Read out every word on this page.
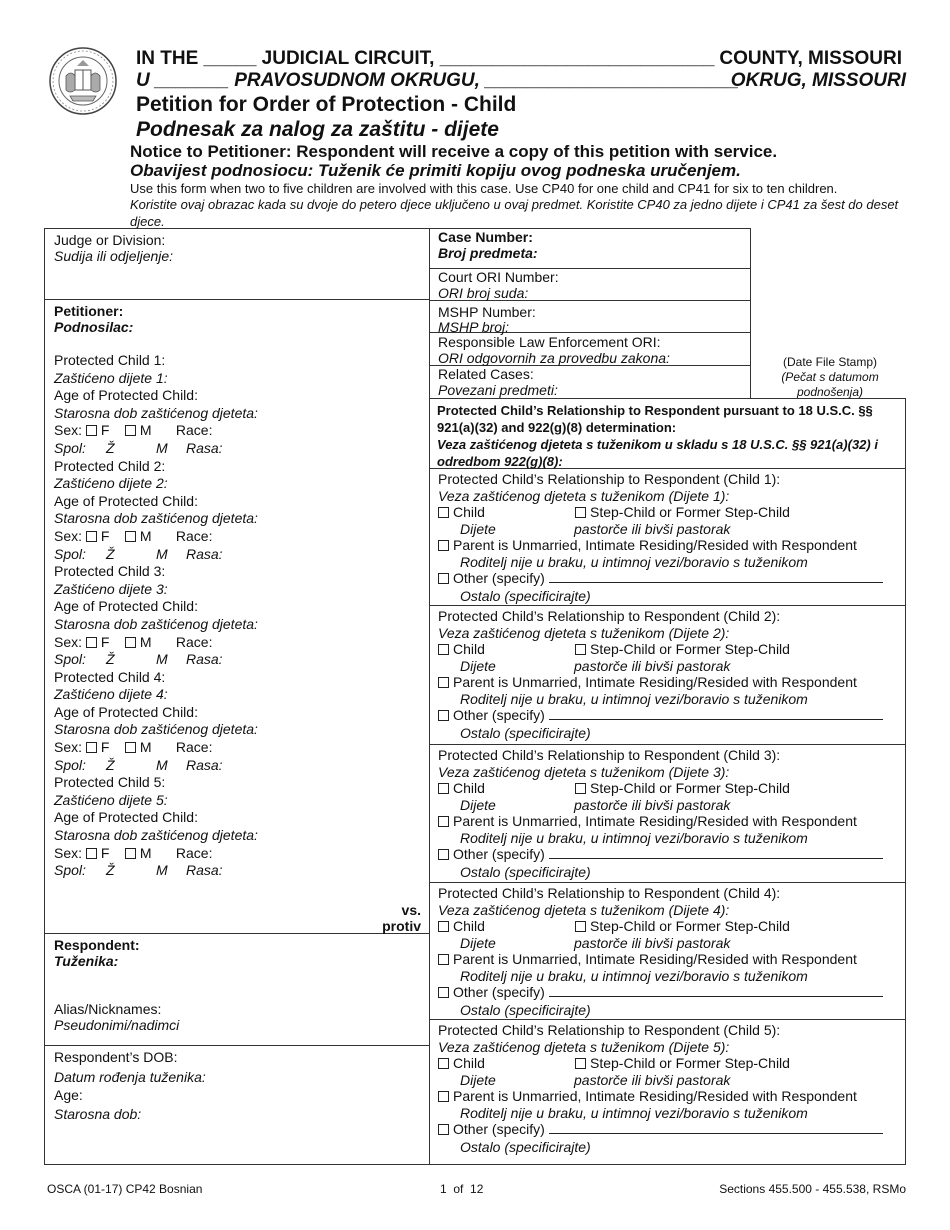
IN THE _____ JUDICIAL CIRCUIT, __________________________ COUNTY, MISSOURI
U _______ PRAVOSUDNOM OKRUGU, ________________________
OKRUG, MISSOURI
Petition for Order of Protection - Child
Podnesak za nalog za zaštitu - dijete
Notice to Petitioner: Respondent will receive a copy of this petition with service.
Obavijest podnosiocu: Tuženik će primiti kopiju ovog podneska uručenjem.
Use this form when two to five children are involved with this case. Use CP40 for one child and CP41 for six to ten children.
Koristite ovaj obrazac kada su dvoje do petero djece uključeno u ovaj predmet. Koristite CP40 za jedno dijete i CP41 za šest do deset djece.
Judge or Division:
Sudija ili odjeljenje:
Petitioner:
Podnosilac:
Protected Child 1:
Zaštićeno dijete 1:
Age of Protected Child:
Starosna dob zaštićenog djeteta:
Sex: F M Race:
Spol: Ž	M Rasa:
Protected Child 2:
Zaštićeno dijete 2:
Age of Protected Child:
Starosna dob zaštićenog djeteta:
Sex: F M Race:
Spol: Ž	M Rasa:
Protected Child 3:
Zaštićeno dijete 3:
Age of Protected Child:
Starosna dob zaštićenog djeteta:
Sex: F M Race:
Spol: Ž	M Rasa:
Protected Child 4:
Zaštićeno dijete 4:
Age of Protected Child:
Starosna dob zaštićenog djeteta:
Sex: F M Race:
Spol: Ž	M Rasa:
Protected Child 5:
Zaštićeno dijete 5:
Age of Protected Child:
Starosna dob zaštićenog djeteta:
Sex: F M Race:
Spol: Ž	M Rasa:
vs.
protiv
Respondent:
Tuženika:
Alias/Nicknames:
Pseudonimi/nadimci
Respondent’s DOB:
Datum rođenja tuženika:
Age:
Starosna dob:
Case Number:
Broj predmeta:
Court ORI Number:
ORI broj suda:
MSHP Number:
MSHP broj:
Responsible Law Enforcement ORI:
ORI odgovornih za provedbu zakona:
Related Cases:
Povezani predmeti:
(Date File Stamp)
(Pečat s datumom podnošenja)
Protected Child’s Relationship to Respondent pursuant to 18 U.S.C. §§ 921(a)(32) and 922(g)(8) determination:
Veza zaštićenog djeteta s tuženikom u skladu s 18 U.S.C. §§ 921(a)(32) i odredbom 922(g)(8):
Protected Child’s Relationship to Respondent (Child 1):
Veza zaštićenog djeteta s tuženikom (Dijete 1):
Child	Step-Child or Former Step-Child
Dijete	pastorče ili bivši pastorak
Parent is Unmarried, Intimate Residing/Resided with Respondent
Roditelj nije u braku, u intimnoj vezi/boravio s tuženikom
Other (specify)
Ostalo (specificirajte)
Protected Child’s Relationship to Respondent (Child 2):
Veza zaštićenog djeteta s tuženikom (Dijete 2):
Child	Step-Child or Former Step-Child
Dijete	pastorče ili bivši pastorak
Parent is Unmarried, Intimate Residing/Resided with Respondent
Roditelj nije u braku, u intimnoj vezi/boravio s tuženikom
Other (specify)
Ostalo (specificirajte)
Protected Child’s Relationship to Respondent (Child 3):
Veza zaštićenog djeteta s tuženikom (Dijete 3):
Child	Step-Child or Former Step-Child
Dijete	pastorče ili bivši pastorak
Parent is Unmarried, Intimate Residing/Resided with Respondent
Roditelj nije u braku, u intimnoj vezi/boravio s tuženikom
Other (specify)
Ostalo (specificirajte)
Protected Child’s Relationship to Respondent (Child 4):
Veza zaštićenog djeteta s tuženikom (Dijete 4):
Child	Step-Child or Former Step-Child
Dijete	pastorče ili bivši pastorak
Parent is Unmarried, Intimate Residing/Resided with Respondent
Roditelj nije u braku, u intimnoj vezi/boravio s tuženikom
Other (specify)
Ostalo (specificirajte)
Protected Child’s Relationship to Respondent (Child 5):
Veza zaštićenog djeteta s tuženikom (Dijete 5):
Child	Step-Child or Former Step-Child
Dijete	pastorče ili bivši pastorak
Parent is Unmarried, Intimate Residing/Resided with Respondent
Roditelj nije u braku, u intimnoj vezi/boravio s tuženikom
Other (specify)
Ostalo (specificirajte)
OSCA (01-17) CP42 Bosnian	1  of  12	Sections 455.500 - 455.538, RSMo
